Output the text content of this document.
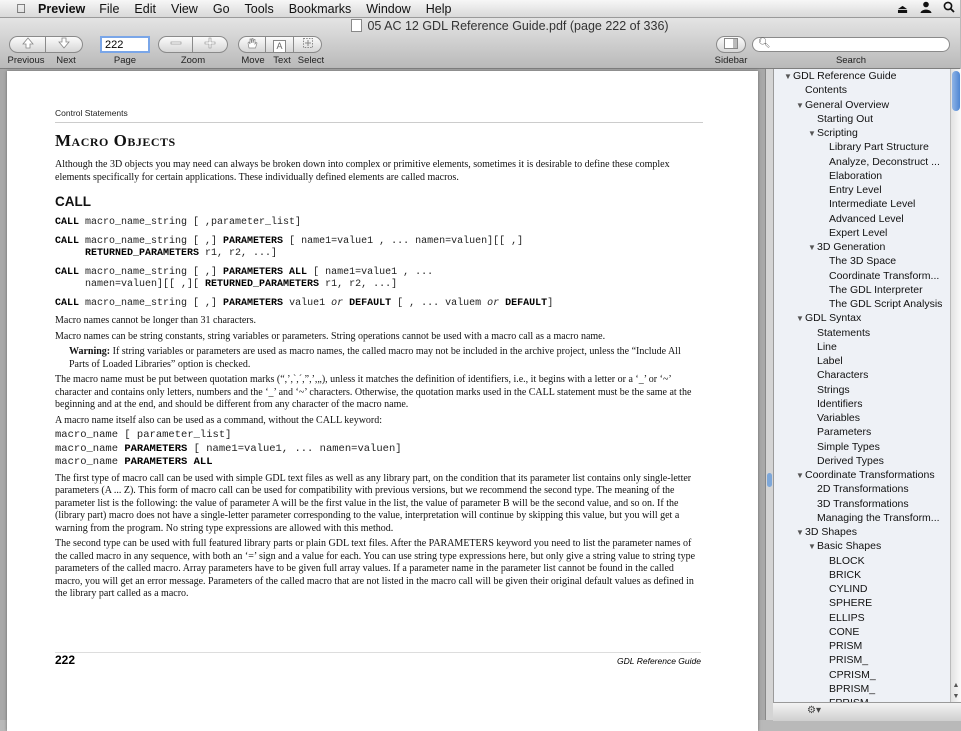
Preview File Edit View Go Tools Bookmarks Window Help	⏏
05 AC 12 GDL Reference Guide.pdf (page 222 of 336)
Previous	Next
222	Page	Zoom
A
Move Text Select	Sidebar
🔍︎
Search
Control Statements
Macro Objects
Although the 3D objects you may need can always be broken down into complex or primitive elements, sometimes it is desirable to define these complex elements specifically for certain applications. These individually defined elements are called macros.
CALL
CALL macro_name_string [ ,parameter_list]
CALL macro_name_string [ ,] PARAMETERS [ name1=value1 , ... namen=valuen][[ ,]
RETURNED_PARAMETERS r1, r2, ...]
CALL macro_name_string [ ,] PARAMETERS ALL [ name1=value1 , ...
namen=valuen][[ ,][ RETURNED_PARAMETERS r1, r2, ...]
CALL macro_name_string [ ,] PARAMETERS value1 or DEFAULT [ , ... valuem or DEFAULT]
Macro names cannot be longer than 31 characters.
Macro names can be string constants, string variables or parameters. String operations cannot be used with a macro call as a macro name.
Warning: If string variables or parameters are used as macro names, the called macro may not be included in the archive project, unless the “Include All Parts of Loaded Libraries” option is checked.
The macro name must be put between quotation marks (“,’,`,´,”,’,„), unless it matches the definition of identifiers, i.e., it begins with a letter or a ‘_’ or ‘~’ character and contains only letters, numbers and the ‘_’ and ‘~’ characters. Otherwise, the quotation marks used in the CALL statement must be the same at the beginning and at the end, and should be different from any character of the macro name.
A macro name itself also can be used as a command, without the CALL keyword:
macro_name [ parameter_list]
macro_name PARAMETERS [ name1=value1, ... namen=valuen]
macro_name PARAMETERS ALL
The first type of macro call can be used with simple GDL text files as well as any library part, on the condition that its parameter list contains only single-letter parameters (A ... Z). This form of macro call can be used for compatibility with previous versions, but we recommend the second type. The meaning of the parameter list is the following: the value of parameter A will be the first value in the list, the value of parameter B will be the second value, and so on. If the (library part) macro does not have a single-letter parameter corresponding to the value, interpretation will continue by skipping this value, but you will get a warning from the program. No string type expressions are allowed with this method.
The second type can be used with full featured library parts or plain GDL text files. After the PARAMETERS keyword you need to list the parameter names of the called macro in any sequence, with both an ‘=’ sign and a value for each. You can use string type expressions here, but only give a string value to string type parameters of the called macro. Array parameters have to be given full array values. If a parameter name in the parameter list cannot be found in the called macro, you will get an error message. Parameters of the called macro that are not listed in the macro call will be given their original default values as defined in the library part called as a macro.
222	GDL Reference Guide
▼GDL Reference Guide
Contents
▼General Overview
Starting Out
▼Scripting
Library Part Structure
Analyze, Deconstruct ...
Elaboration
Entry Level
Intermediate Level
Advanced Level
Expert Level
▼3D Generation
The 3D Space
Coordinate Transform...
The GDL Interpreter
The GDL Script Analysis
▼GDL Syntax
Statements
Line
Label
Characters
Strings
Identifiers
Variables
Parameters
Simple Types
Derived Types
▼Coordinate Transformations
2D Transformations
3D Transformations
Managing the Transform...
▼3D Shapes
▼Basic Shapes
BLOCK
BRICK
CYLIND
SPHERE
ELLIPS
CONE
PRISM
PRISM_
CPRISM_
BPRISM_	▲
▼
⚙▾
